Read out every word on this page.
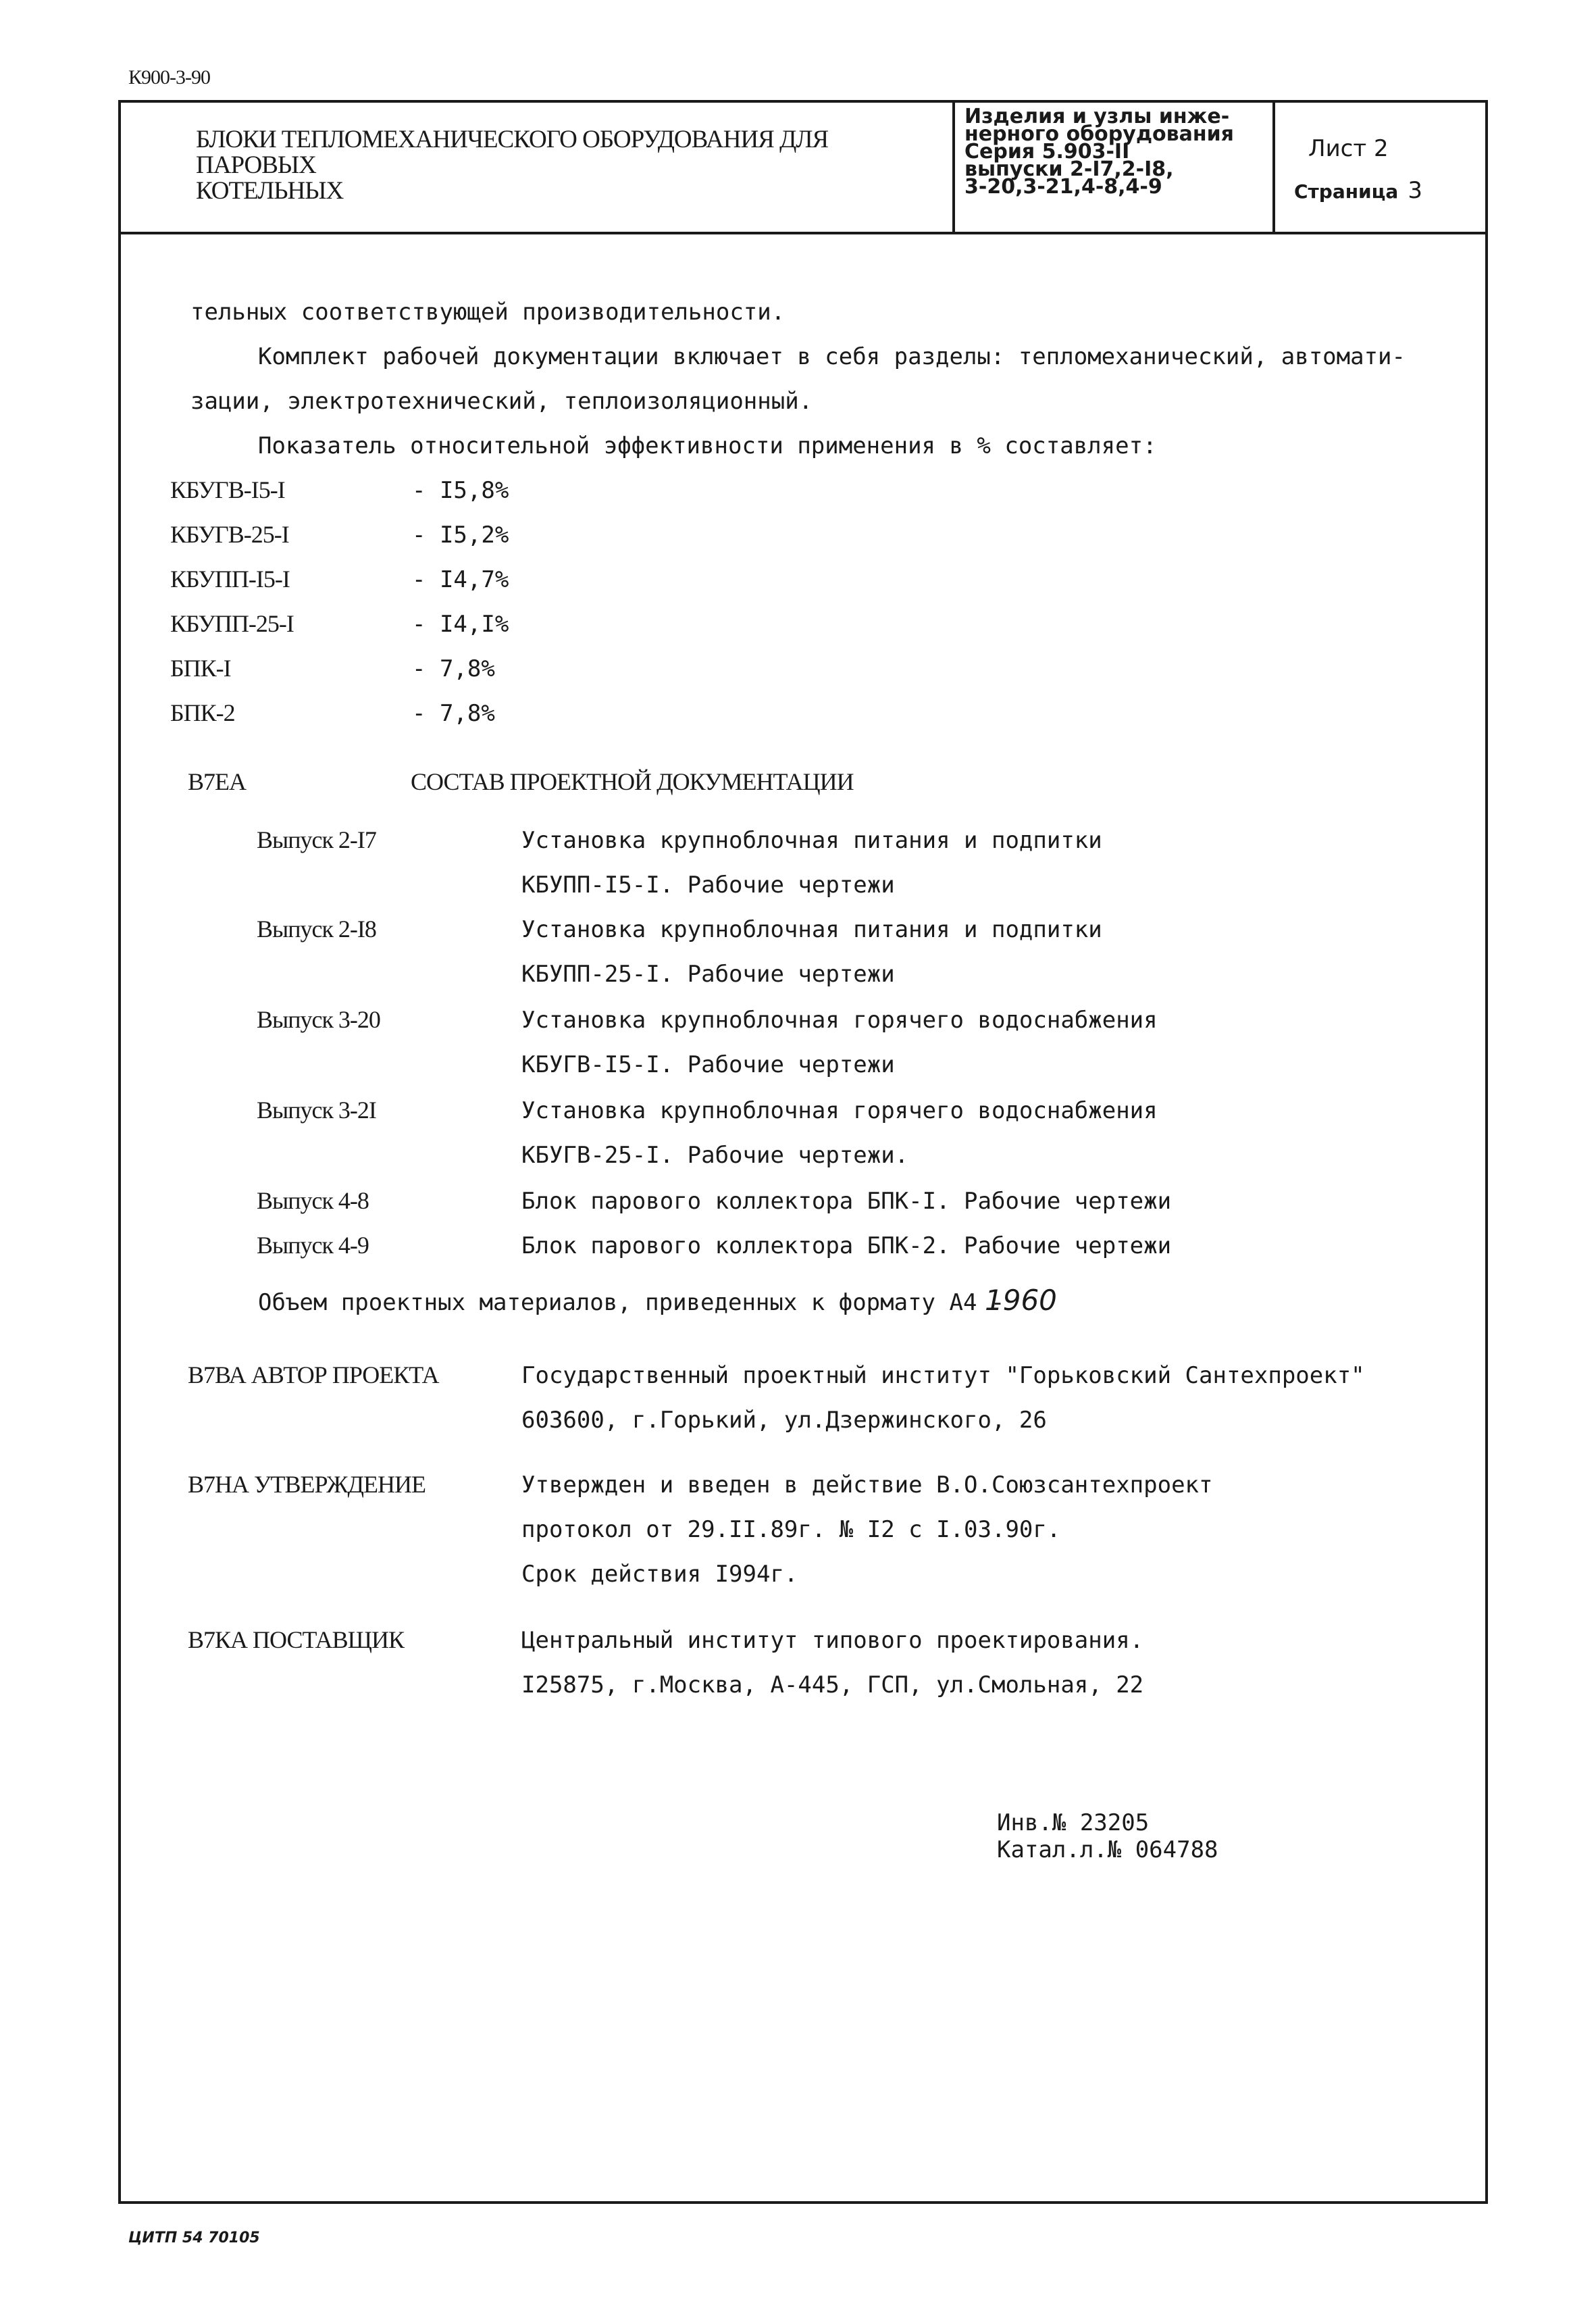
К900-3-90
БЛОКИ ТЕПЛОМЕХАНИЧЕСКОГО ОБОРУДОВАНИЯ ДЛЯ ПАРОВЫХ
КОТЕЛЬНЫХ
Изделия и узлы инже-
нерного оборудования
Серия 5.903-II
выпуски 2-I7,2-I8,
3-20,3-21,4-8,4-9
Лист 2
Страница 3
тельных соответствующей производительности.
Комплект рабочей документации включает в себя разделы: тепломеханический, автомати-
зации, электротехнический, теплоизоляционный.
Показатель относительной эффективности применения в % составляет:
КБУГВ-I5-I	- I5,8%
КБУГВ-25-I	- I5,2%
КБУПП-I5-I	- I4,7%
КБУПП-25-I	- I4,I%
БПК-I	- 7,8%
БПК-2	- 7,8%
В7ЕА	СОСТАВ ПРОЕКТНОЙ ДОКУМЕНТАЦИИ
Выпуск 2-I7	Установка крупноблочная питания и подпитки
КБУПП-I5-I. Рабочие чертежи
Выпуск 2-I8	Установка крупноблочная питания и подпитки
КБУПП-25-I. Рабочие чертежи
Выпуск 3-20	Установка крупноблочная горячего водоснабжения
КБУГВ-I5-I. Рабочие чертежи
Выпуск 3-2I	Установка крупноблочная горячего водоснабжения
КБУГВ-25-I. Рабочие чертежи.
Выпуск 4-8	Блок парового коллектора БПК-I. Рабочие чертежи
Выпуск 4-9	Блок парового коллектора БПК-2. Рабочие чертежи
Объем проектных материалов, приведенных к формату А4 -
1960
В7ВА АВТОР ПРОЕКТА	Государственный проектный институт "Горьковский Сантехпроект"
603600, г.Горький, ул.Дзержинского, 26
В7НА УТВЕРЖДЕНИЕ	Утвержден и введен в действие В.О.Союзсантехпроект
протокол от 29.II.89г. № I2 с I.03.90г.
Срок действия I994г.
В7КА ПОСТАВЩИК	Центральный институт типового проектирования.
I25875, г.Москва, А-445, ГСП, ул.Смольная, 22
Инв.№ 23205
Катал.л.№ 064788
ЦИТП 54 70105
